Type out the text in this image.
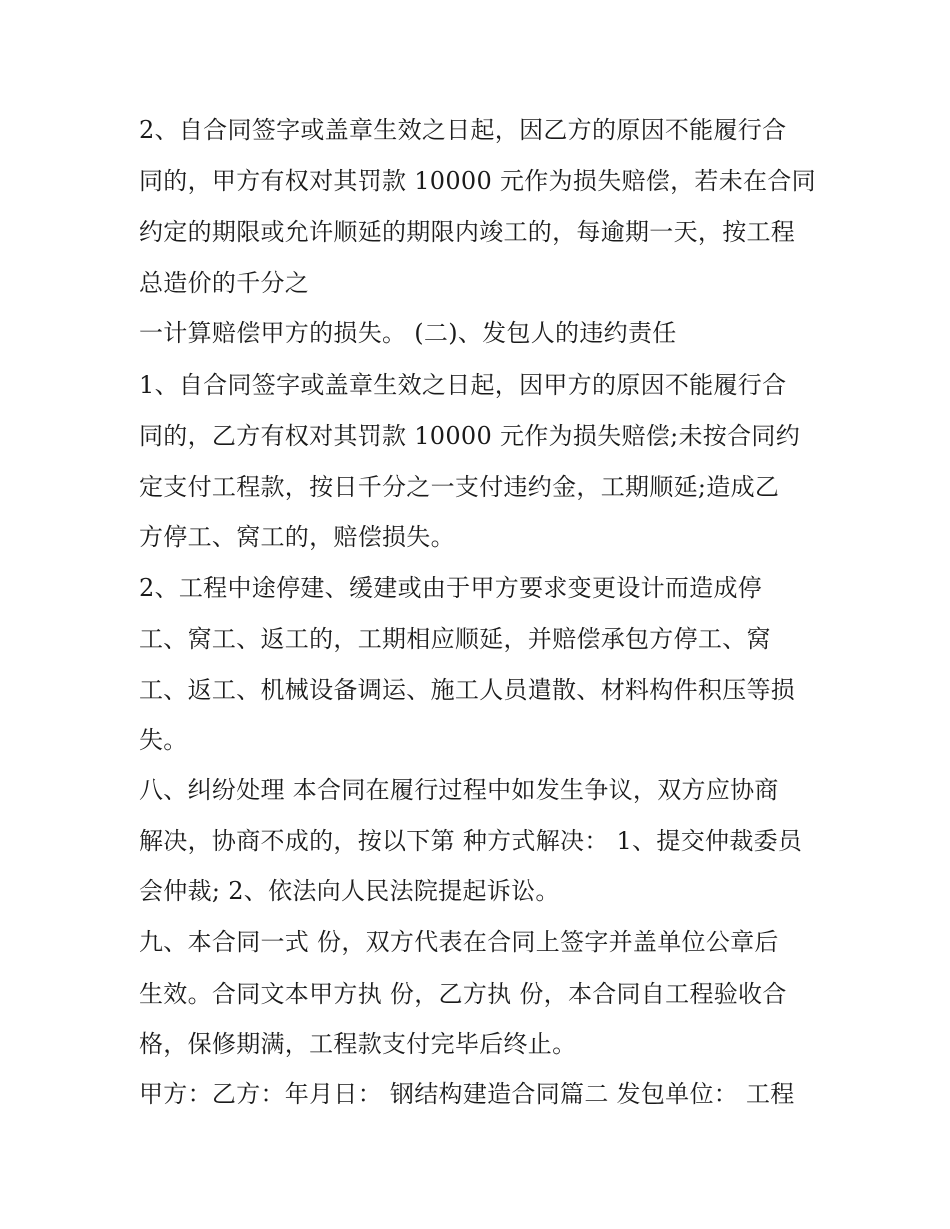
2、自合同签字或盖章生效之日起，因乙方的原因不能履行合
同的，甲方有权对其罚款 10000 元作为损失赔偿，若未在合同
约定的期限或允许顺延的期限内竣工的，每逾期一天，按工程
总造价的千分之
一计算赔偿甲方的损失。 (二)、发包人的违约责任
1、自合同签字或盖章生效之日起，因甲方的原因不能履行合
同的，乙方有权对其罚款 10000 元作为损失赔偿;未按合同约
定支付工程款，按日千分之一支付违约金，工期顺延;造成乙
方停工、窝工的，赔偿损失。
2、工程中途停建、缓建或由于甲方要求变更设计而造成停
工、窝工、返工的，工期相应顺延，并赔偿承包方停工、窝
工、返工、机械设备调运、施工人员遣散、材料构件积压等损
失。
八、纠纷处理 本合同在履行过程中如发生争议，双方应协商
解决，协商不成的，按以下第 种方式解决： 1、提交仲裁委员
会仲裁; 2、依法向人民法院提起诉讼。
九、本合同一式 份，双方代表在合同上签字并盖单位公章后
生效。合同文本甲方执 份，乙方执 份，本合同自工程验收合
格，保修期满，工程款支付完毕后终止。
甲方：乙方：年月日： 钢结构建造合同篇二 发包单位： 工程
